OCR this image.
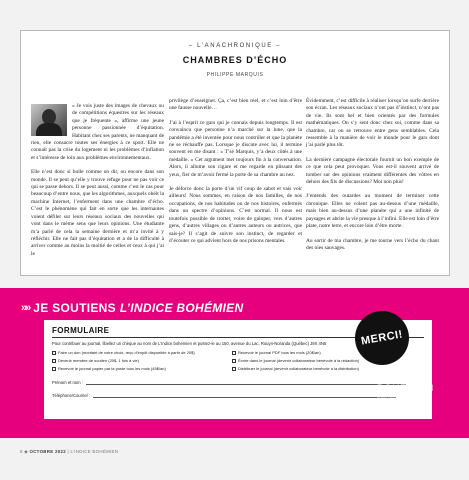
– L’ANACHRONIQUE –
CHAMBRES D’ÉCHO
PHILIPPE MARQUIS

« Je vois juste des images de chevaux ou de compétitions équestres sur les réseaux que je fréquente », affirme une jeune personne passionnée d’équitation. Habitant chez ses parents, ne manquant de rien, elle consacre toutes ses énergies à ce sport. Elle ne connaît pas la crise du logement ni les problèmes d’inflation et s’intéresse de loin aux problèmes environnementaux.

Elle n’est donc si bulle comme on dit, ou encore dans son monde. Il se peut qu’elle y trouve refuge pour ne pas voir ce qui se passe dehors. Il se peut aussi, comme c’est le cas pour beaucoup d’entre nous, que les algorithmes, auxquels obéit la machine Internet, l’enferment dans une chambre d’écho. C’est le phénomène qui fait en sorte que les internautes voient défiler sur leurs réseaux sociaux des nouvelles qui vont dans le même sens que leurs opinions. Une étudiante m’a parlé de cela la semaine dernière et m’a invité à y réfléchir. Elle ne fait pas d’équitation et a de la difficulté à arriver comme au moins la moitié de celles et ceux à qui j’ai le

privilège d’enseigner. Ça, c’est bien réel, et c’est loin d’être une fausse nouvelle…

J’ai à l’esprit ce gars qui je connais depuis longtemps. Il est convaincu que personne n’a marché sur la lune, que la pandémie a été inventée pour nous contrôler et que la planète ne se réchauffe pas. Lorsque je discute avec lui, il termine souvent en me disant : « T’sé Marquis, y’a deux côtés à une médaille. » Cet argument met toujours fin à la conversation. Alors, il allume son cigare et me regarde en plissant des yeux, fier de m’avoir fermé la porte de sa chambre au nez.

Je déforce donc la porte d’un vif coup de sabot et vais voir ailleurs! Nous sommes, en raison de nos familles, de nos occupations, de nos habitudes ou de nos histoires, enfermés dans un spectre d’opinions. C’est normal. Il nous est toutefois possible de trotter, voire de galoper, vers d’autres gens, d’autres villages ou d’autres auteurs ou autrices, que sais-je? Il s’agit de suivre son instinct, de regarder et d’écouter ce qui advient hors de nos prisons mentales.

Évidemment, c’est difficile à réaliser lorsqu’on surfe derrière son écran. Les réseaux sociaux n’ont pas d’instinct, n’ont pas de vie. Ils sont bel et bien orientés par des formules mathématiques. On s’y sent donc chez soi, comme dans sa chambre, car on se retrouve entre gens semblables. Cela ressemble à la manière de voir le monde pour le gars dont j’ai parlé plus tôt.

La dernière campagne électorale fournit un bon exemple de ce que cela peut provoquer. Vous est-il souvent arrivé de tomber sur des opinions vraiment différentes des vôtres en dehors des fils de discussions? Moi non plus!

J’entends des outardes au moment de terminer cette chronique. Elles ne volent pas au-dessus d’une médaille, mais bien au-dessus d’une planète qui a une infinité de paysages et abrite la vie presque à l’infini. Elle est loin d’être plate, notre terre, et encore loin d’être morte.

Au sortir de ma chambre, je me tourne vers l’écho du chant des oies sauvages.

»» JE SOUTIENS L’INDICE BOHÉMIEN
FORMULAIRE
Pour contribuer au journal, libellez un chèque au nom de L’Indice bohémien et postez-le au 150, avenue du Lac, Rouyn-Noranda (Québec) J9X 4N5
Faire un don (montant de votre choix, reçu d’impôt disponible à partir de 20$)
Devenir membre de soutien (20$, 1 fois à vie)
Recevoir le journal papier par la poste tous les mois (45$/an)
Recevoir le journal PDF tous les mois (20$/an)
Écrire dans le journal (devenir collaborateur bénévole à la rédaction)
Distribuer le journal (devenir collaborateur bénévole à la distribution)
Prénom et nom :
Téléphone/Courriel :
MERCI!
L’INDICE	B
BOHÉMIEN
JOURNAL CULTUREL DE L’ABITIBI-TÉMISCAMINGUE
8 ◆ OCTOBRE 2022 | L’INDICE BOHÉMIEN
